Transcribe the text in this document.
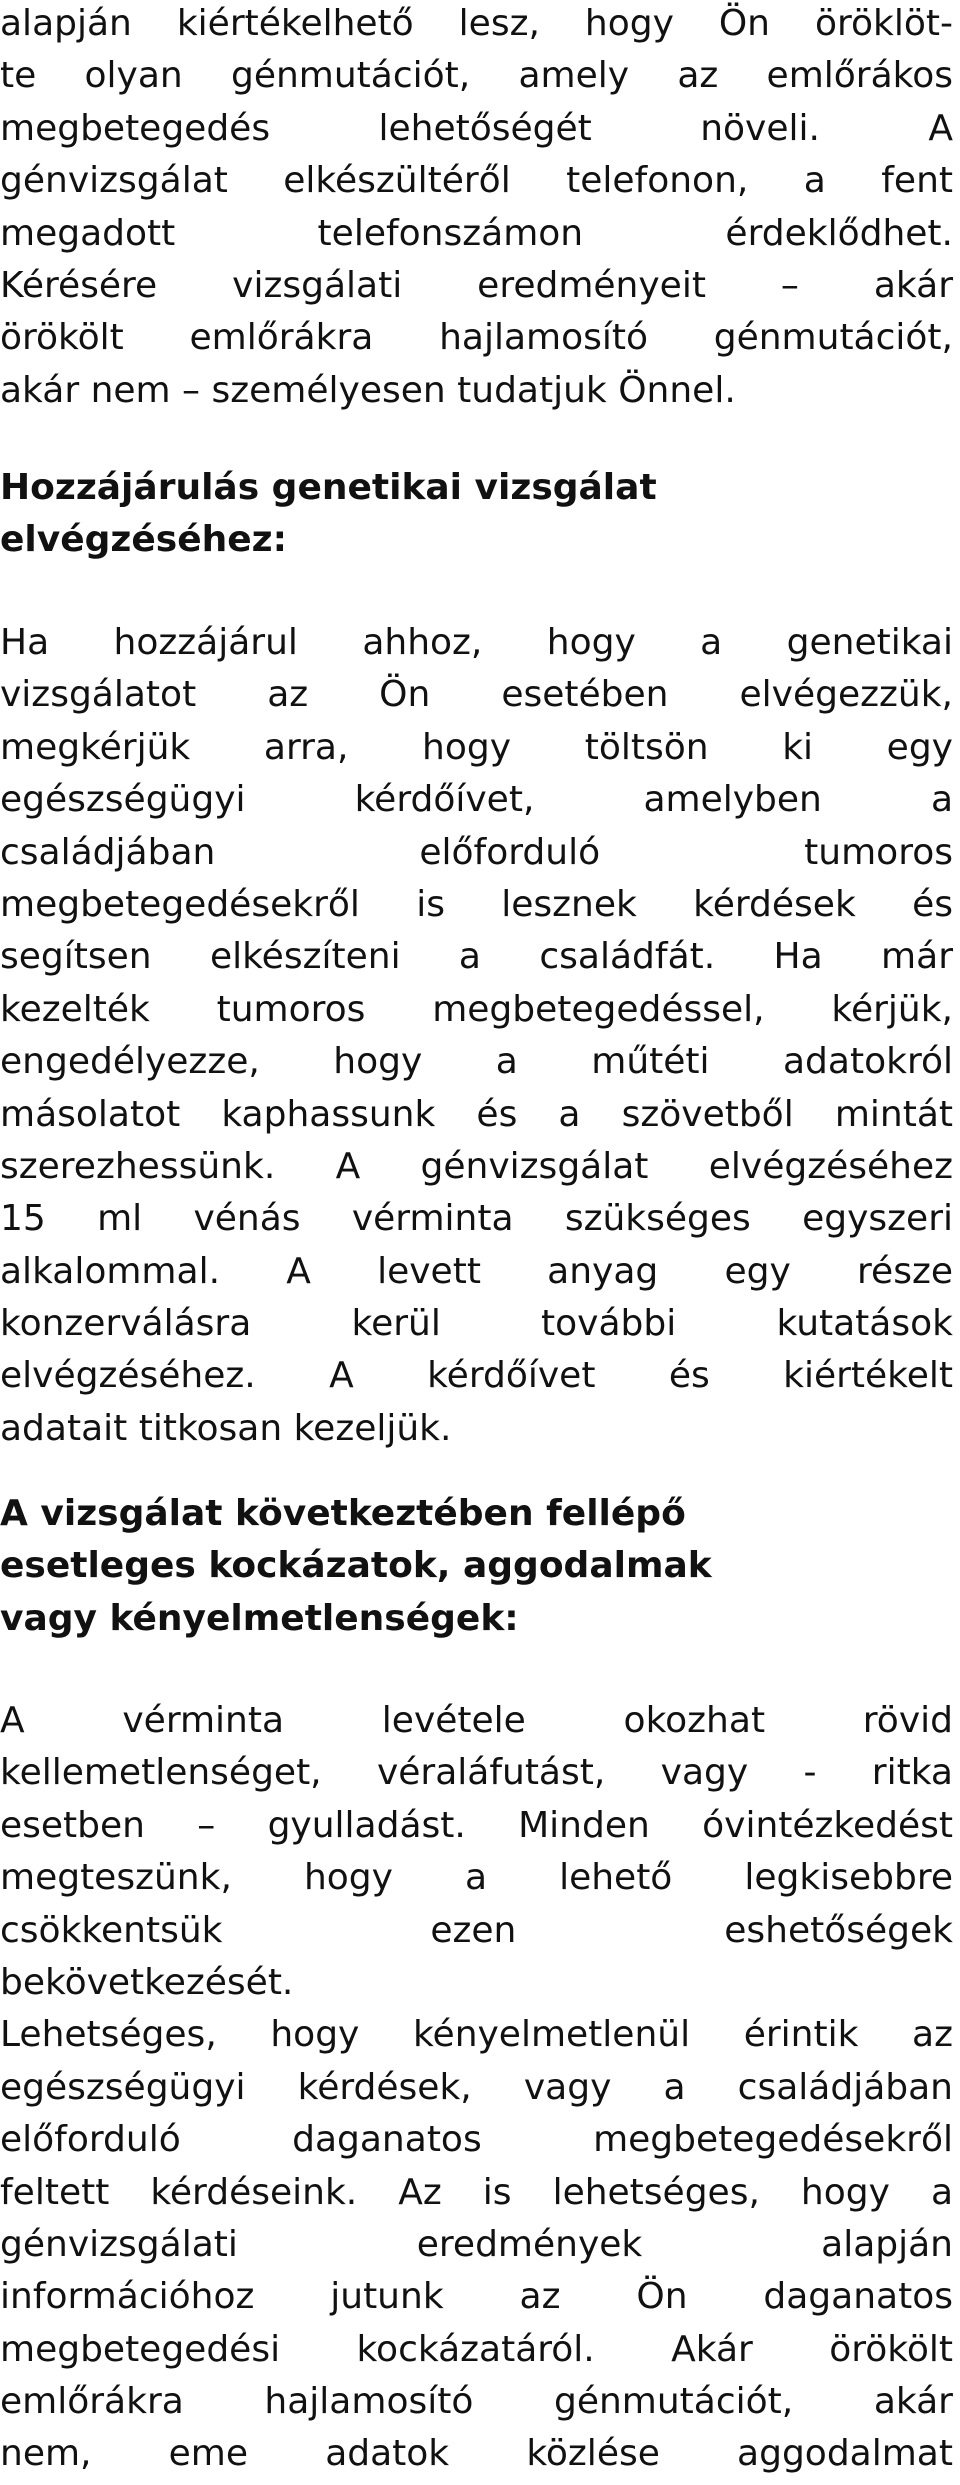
alapján kiértékelhető lesz, hogy Ön öröklöt-
te olyan génmutációt, amely az emlőrákos
megbetegedés lehetőségét növeli. A
génvizsgálat elkészültéről telefonon, a fent
megadott telefonszámon érdeklődhet.
Kérésére vizsgálati eredményeit – akár
örökölt emlőrákra hajlamosító génmutációt,
akár nem – személyesen tudatjuk Önnel.
Hozzájárulás genetikai vizsgálat
elvégzéséhez:
Ha hozzájárul ahhoz, hogy a genetikai
vizsgálatot az Ön esetében elvégezzük,
megkérjük arra, hogy töltsön ki egy
egészségügyi kérdőívet, amelyben a
családjában előforduló tumoros
megbetegedésekről is lesznek kérdések és
segítsen elkészíteni a családfát. Ha már
kezelték tumoros megbetegedéssel, kérjük,
engedélyezze, hogy a műtéti adatokról
másolatot kaphassunk és a szövetből mintát
szerezhessünk. A génvizsgálat elvégzéséhez
15 ml vénás vérminta szükséges egyszeri
alkalommal. A levett anyag egy része
konzerválásra kerül további kutatások
elvégzéséhez. A kérdőívet és kiértékelt
adatait titkosan kezeljük.
A vizsgálat következtében fellépő
esetleges kockázatok, aggodalmak
vagy kényelmetlenségek:
A vérminta levétele okozhat rövid
kellemetlenséget, véraláfutást, vagy - ritka
esetben – gyulladást. Minden óvintézkedést
megteszünk, hogy a lehető legkisebbre
csökkentsük ezen eshetőségek
bekövetkezését.
Lehetséges, hogy kényelmetlenül érintik az
egészségügyi kérdések, vagy a családjában
előforduló daganatos megbetegedésekről
feltett kérdéseink. Az is lehetséges, hogy a
génvizsgálati eredmények alapján
információhoz jutunk az Ön daganatos
megbetegedési kockázatáról. Akár örökölt
emlőrákra hajlamosító génmutációt, akár
nem, eme adatok közlése aggodalmat
